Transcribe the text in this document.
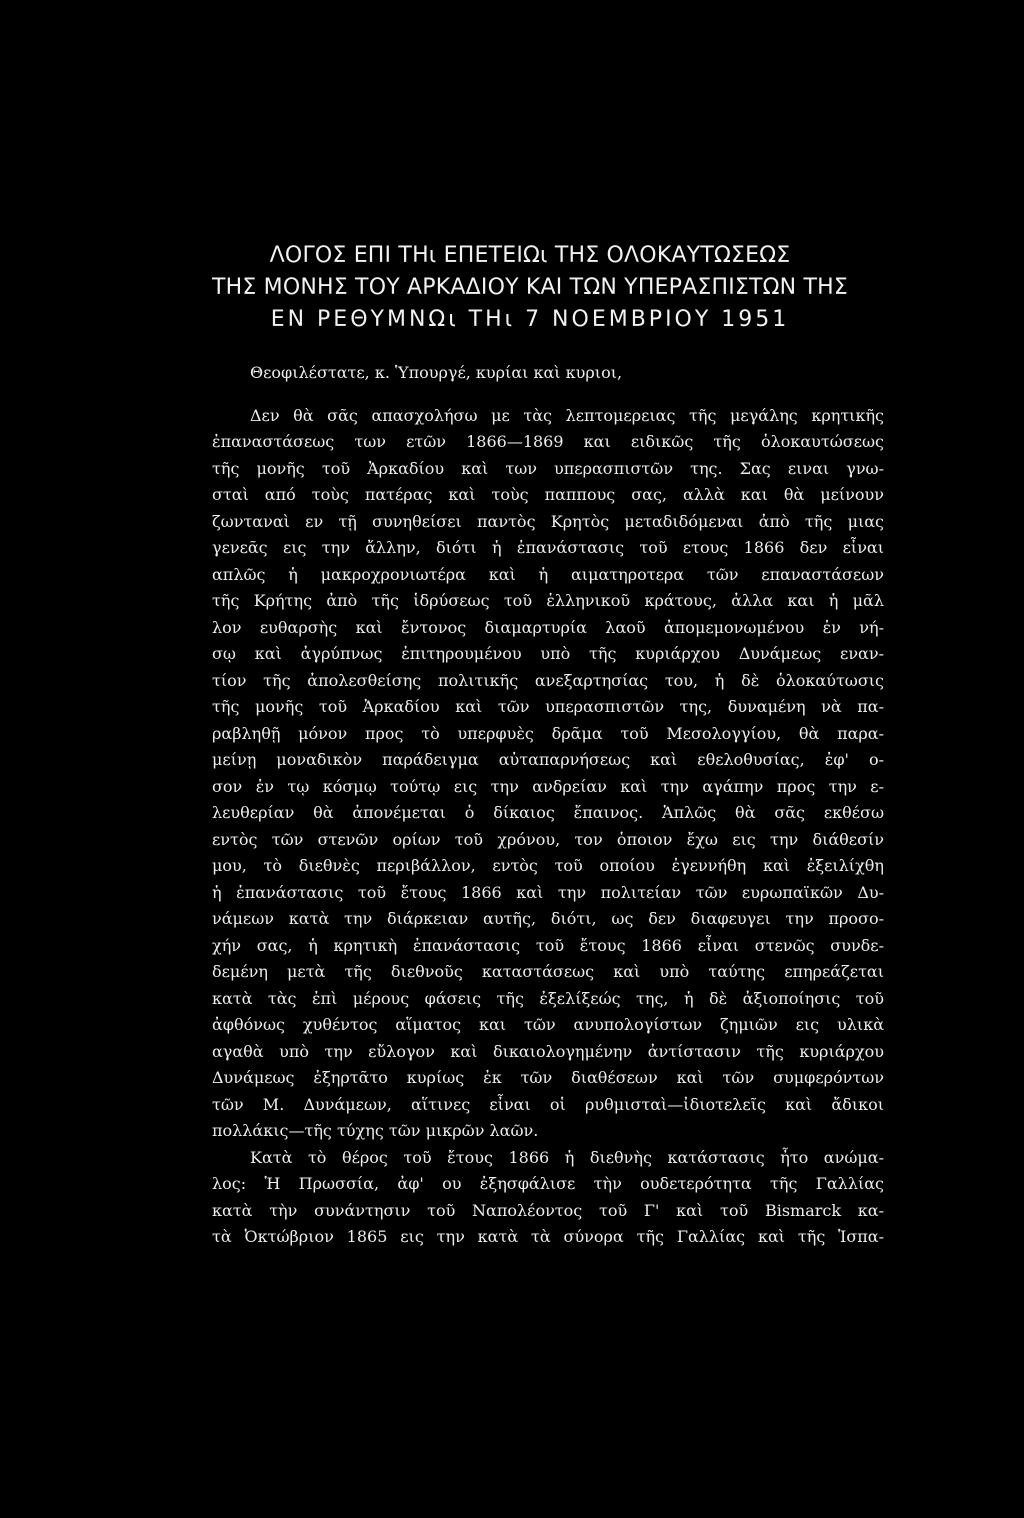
ΛΟΓΟΣ ΕΠΙ ΤΗι ΕΠΕΤΕΙΩι ΤΗΣ ΟΛΟΚΑΥΤΩΣΕΩΣ
ΤΗΣ ΜΟΝΗΣ ΤΟΥ ΑΡΚΑΔΙΟΥ ΚΑΙ ΤΩΝ ΥΠΕΡΑΣΠΙΣΤΩΝ ΤΗΣ
ΕΝ ΡΕΘΥΜΝΩι ΤΗι 7 ΝΟΕΜΒΡΙΟΥ 1951
Θεοφιλέστατε, κ. Ὑπουργέ, κυρίαι καὶ κυριοι,
Δεν θὰ σᾶς απασχολήσω με τὰς λεπτομερειας τῆς μεγάλης κρητικῆς
ἐπαναστάσεως των ετῶν 1866—1869 και ειδικῶς τῆς ὁλοκαυτώσεως
τῆς μονῆς τοῦ Ἀρκαδίου καὶ των υπερασπιστῶν της. Σας ειναι γνω-
σταὶ από τοὺς πατέρας καὶ τοὺς παππους σας, αλλὰ και θὰ μείνουν
ζωνταναὶ εν τῇ συνηθείσει παντὸς Κρητὸς μεταδιδόμεναι ἀπὸ τῆς μιας
γενεᾶς εις την ἄλλην, διότι ἡ ἐπανάστασις τοῦ ετους 1866 δεν εἶναι
απλῶς ἡ μακροχρονιωτέρα καὶ ἡ αιματηροτερα τῶν επαναστάσεων
τῆς Κρήτης ἀπὸ τῆς ἱδρύσεως τοῦ ἑλληνικοῦ κράτους, ἀλλα και ἡ μᾶλ
λον ευθαρσὴς καὶ ἔντονος διαμαρτυρία λαοῦ ἀπομεμονωμένου ἐν νή-
σῳ καὶ ἀγρύπνως ἐπιτηρουμένου υπὸ τῆς κυριάρχου Δυνάμεως εναν-
τίον τῆς ἀπολεσθείσης πολιτικῆς ανεξαρτησίας του, ἡ δὲ ὁλοκαύτωσις
τῆς μονῆς τοῦ Ἀρκαδίου καὶ τῶν υπερασπιστῶν της, δυναμένη νὰ πα-
ραβληθῇ μόνον προς τὸ υπερφυὲς δρᾶμα τοῦ Μεσολογγίου, θὰ παρα-
μείνῃ μοναδικὸν παράδειγμα αὐταπαρνήσεως καὶ εθελοθυσίας, ἐφ' ο-
σον ἐν τῳ κόσμῳ τούτῳ εις την ανδρείαν καὶ την αγάπην προς την ε-
λευθερίαν θὰ ἀπονέμεται ὁ δίκαιος ἔπαινος. Ἁπλῶς θὰ σᾶς εκθέσω
εντὸς τῶν στενῶν ορίων τοῦ χρόνου, τον ὁποιον ἔχω εις την διάθεσίν
μου, τὸ διεθνὲς περιβάλλον, εντὸς τοῦ οποίου ἐγεννήθη καὶ ἐξειλίχθη
ἡ ἐπανάστασις τοῦ ἔτους 1866 καὶ την πολιτείαν τῶν ευρωπαϊκῶν Δυ-
νάμεων κατὰ την διάρκειαν αυτῆς, διότι, ως δεν διαφευγει την προσο-
χήν σας, ἡ κρητικὴ ἐπανάστασις τοῦ ἔτους 1866 εἶναι στενῶς συνδε-
δεμένη μετὰ τῆς διεθνοῦς καταστάσεως καὶ υπὸ ταύτης επηρεάζεται
κατὰ τὰς ἐπὶ μέρους φάσεις τῆς ἐξελίξεώς της, ἡ δὲ ἀξιοποίησις τοῦ
ἀφθόνως χυθέντος αἵματος και τῶν ανυπολογίστων ζημιῶν εις υλικὰ
αγαθὰ υπὸ την εὔλογον καὶ δικαιολογημένην ἀντίστασιν τῆς κυριάρχου
Δυνάμεως ἐξηρτᾶτο κυρίως ἐκ τῶν διαθέσεων καὶ τῶν συμφερόντων
τῶν Μ. Δυνάμεων, αἵτινες εἶναι οἱ ρυθμισταὶ—ἰδιοτελεῖς καὶ ἄδικοι
πολλάκις—τῆς τύχης τῶν μικρῶν λαῶν.
Κατὰ τὸ θέρος τοῦ ἔτους 1866 ἡ διεθνὴς κατάστασις ἦτο ανώμα-
λος: Ἡ Πρωσσία, ἀφ' ου ἐξησφάλισε τὴν ουδετερότητα τῆς Γαλλίας
κατὰ τὴν συνάντησιν τοῦ Ναπολέοντος τοῦ Γ' καὶ τοῦ Bismarck κα-
τὰ Ὀκτώβριον 1865 εις την κατὰ τὰ σύνορα τῆς Γαλλίας καὶ τῆς Ἱσπα-
